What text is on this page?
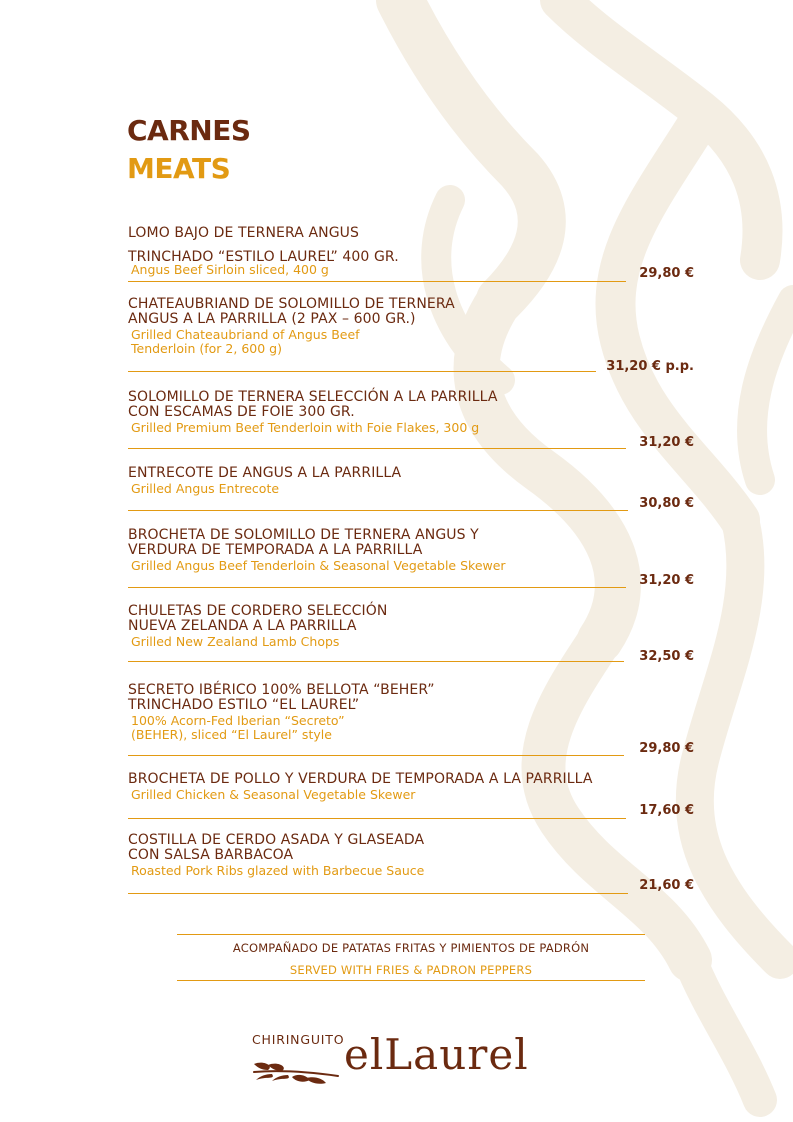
CARNES
MEATS
LOMO BAJO DE TERNERA ANGUS
TRINCHADO “ESTILO LAUREL” 400 GR.
Angus Beef Sirloin sliced, 400 g	29,80 €
CHATEAUBRIAND DE SOLOMILLO DE TERNERA
ANGUS A LA PARRILLA (2 PAX – 600 GR.)
Grilled Chateaubriand of Angus Beef
Tenderloin (for 2, 600 g)
31,20 € p.p.
SOLOMILLO DE TERNERA SELECCIÓN A LA PARRILLA
CON ESCAMAS DE FOIE 300 GR.
Grilled Premium Beef Tenderloin with Foie Flakes, 300 g
31,20 €
ENTRECOTE DE ANGUS A LA PARRILLA
Grilled Angus Entrecote
30,80 €
BROCHETA DE SOLOMILLO DE TERNERA ANGUS Y
VERDURA DE TEMPORADA A LA PARRILLA
Grilled Angus Beef Tenderloin & Seasonal Vegetable Skewer
31,20 €
CHULETAS DE CORDERO SELECCIÓN
NUEVA ZELANDA A LA PARRILLA
Grilled New Zealand Lamb Chops
32,50 €
SECRETO IBÉRICO 100% BELLOTA “BEHER”
TRINCHADO ESTILO “EL LAUREL”
100% Acorn-Fed Iberian “Secreto”
(BEHER), sliced “El Laurel” style
29,80 €
BROCHETA DE POLLO Y VERDURA DE TEMPORADA A LA PARRILLA
Grilled Chicken & Seasonal Vegetable Skewer
17,60 €
COSTILLA DE CERDO ASADA Y GLASEADA
CON SALSA BARBACOA
Roasted Pork Ribs glazed with Barbecue Sauce
21,60 €
ACOMPAÑADO DE PATATAS FRITAS Y PIMIENTOS DE PADRÓN
SERVED WITH FRIES & PADRON PEPPERS
CHIRINGUITO elLaurel
